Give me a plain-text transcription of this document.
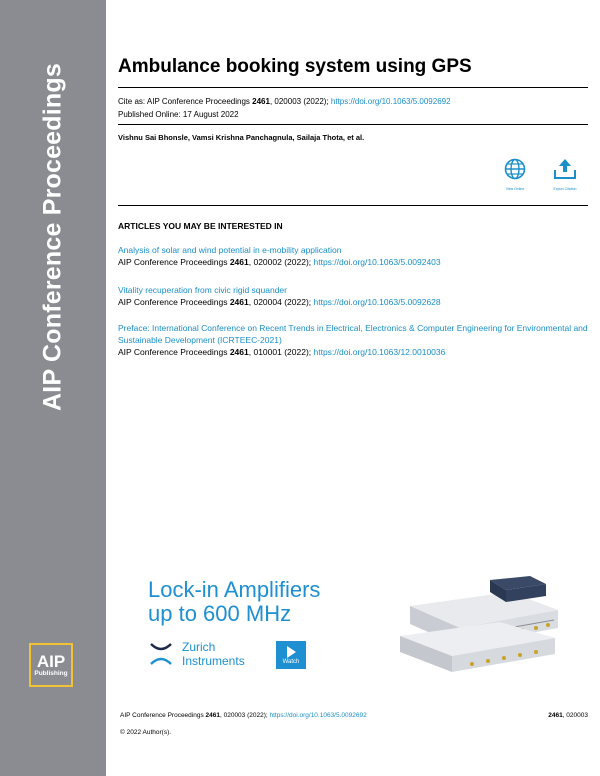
AIP Conference Proceedings
AIP
Publishing
Ambulance booking system using GPS
Cite as: AIP Conference Proceedings 2461, 020003 (2022); https://doi.org/10.1063/5.0092692
Published Online: 17 August 2022
Vishnu Sai Bhonsle, Vamsi Krishna Panchagnula, Sailaja Thota, et al.
View Online	Export Citation
ARTICLES YOU MAY BE INTERESTED IN
Analysis of solar and wind potential in e-mobility application
AIP Conference Proceedings 2461, 020002 (2022); https://doi.org/10.1063/5.0092403
Vitality recuperation from civic rigid squander
AIP Conference Proceedings 2461, 020004 (2022); https://doi.org/10.1063/5.0092628
Preface: International Conference on Recent Trends in Electrical, Electronics & Computer Engineering for Environmental and Sustainable Development (ICRTEEC-2021)
AIP Conference Proceedings 2461, 010001 (2022); https://doi.org/10.1063/12.0010036
Lock-in Amplifiers
up to 600 MHz
Zurich
Instruments	Watch
AIP Conference Proceedings 2461, 020003 (2022); https://doi.org/10.1063/5.0092692	2461, 020003
© 2022 Author(s).
